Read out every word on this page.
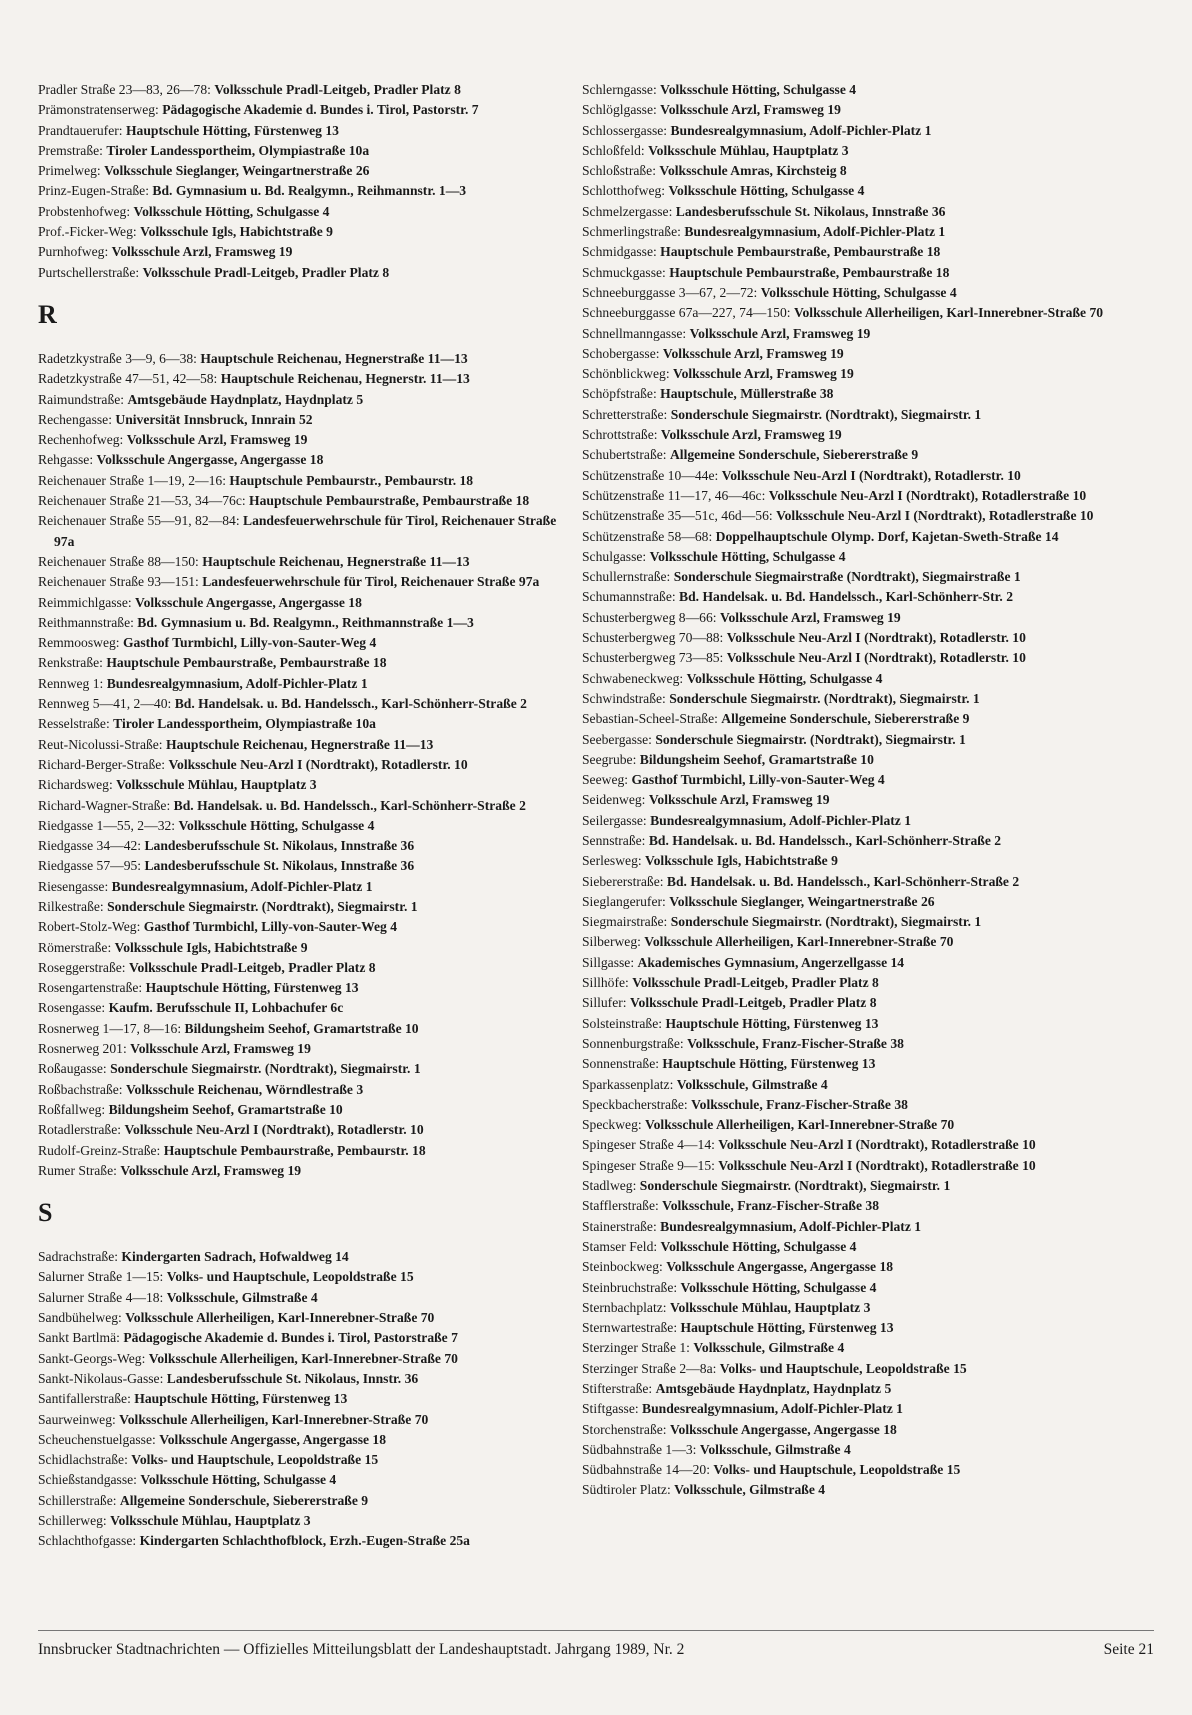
Pradler Straße 23—83, 26—78: Volksschule Pradl-Leitgeb, Pradler Platz 8
Prämonstratenserweg: Pädagogische Akademie d. Bundes i. Tirol, Pastorstr. 7
Prandtauerufer: Hauptschule Hötting, Fürstenweg 13
Premstraße: Tiroler Landessportheim, Olympiastraße 10a
Primelweg: Volksschule Sieglanger, Weingartnerstraße 26
Prinz-Eugen-Straße: Bd. Gymnasium u. Bd. Realgymn., Reihmannstr. 1—3
Probstenhofweg: Volksschule Hötting, Schulgasse 4
Prof.-Ficker-Weg: Volksschule Igls, Habichtstraße 9
Purnhofweg: Volksschule Arzl, Framsweg 19
Purtschellerstraße: Volksschule Pradl-Leitgeb, Pradler Platz 8
R
Radetzkystraße 3—9, 6—38: Hauptschule Reichenau, Hegnerstraße 11—13
Radetzkystraße 47—51, 42—58: Hauptschule Reichenau, Hegnerstr. 11—13
Raimundstraße: Amtsgebäude Haydnplatz, Haydnplatz 5
Rechengasse: Universität Innsbruck, Innrain 52
Rechenhofweg: Volksschule Arzl, Framsweg 19
Rehgasse: Volksschule Angergasse, Angergasse 18
Reichenauer Straße 1—19, 2—16: Hauptschule Pembaurstr., Pembaurstr. 18
Reichenauer Straße 21—53, 34—76c: Hauptschule Pembaurstraße, Pembaurstraße 18
Reichenauer Straße 55—91, 82—84: Landesfeuerwehrschule für Tirol, Reichenauer Straße 97a
Reichenauer Straße 88—150: Hauptschule Reichenau, Hegnerstraße 11—13
Reichenauer Straße 93—151: Landesfeuerwehrschule für Tirol, Reichenauer Straße 97a
Reimmichlgasse: Volksschule Angergasse, Angergasse 18
Reithmannstraße: Bd. Gymnasium u. Bd. Realgymn., Reithmannstraße 1—3
Remmoosweg: Gasthof Turmbichl, Lilly-von-Sauter-Weg 4
Renkstraße: Hauptschule Pembaurstraße, Pembaurstraße 18
Rennweg 1: Bundesrealgymnasium, Adolf-Pichler-Platz 1
Rennweg 5—41, 2—40: Bd. Handelsak. u. Bd. Handelssch., Karl-Schönherr-Straße 2
Resselstraße: Tiroler Landessportheim, Olympiastraße 10a
Reut-Nicolussi-Straße: Hauptschule Reichenau, Hegnerstraße 11—13
Richard-Berger-Straße: Volksschule Neu-Arzl I (Nordtrakt), Rotadlerstr. 10
Richardsweg: Volksschule Mühlau, Hauptplatz 3
Richard-Wagner-Straße: Bd. Handelsak. u. Bd. Handelssch., Karl-Schönherr-Straße 2
Riedgasse 1—55, 2—32: Volksschule Hötting, Schulgasse 4
Riedgasse 34—42: Landesberufsschule St. Nikolaus, Innstraße 36
Riedgasse 57—95: Landesberufsschule St. Nikolaus, Innstraße 36
Riesengasse: Bundesrealgymnasium, Adolf-Pichler-Platz 1
Rilkestraße: Sonderschule Siegmairstr. (Nordtrakt), Siegmairstr. 1
Robert-Stolz-Weg: Gasthof Turmbichl, Lilly-von-Sauter-Weg 4
Römerstraße: Volksschule Igls, Habichtstraße 9
Roseggerstraße: Volksschule Pradl-Leitgeb, Pradler Platz 8
Rosengartenstraße: Hauptschule Hötting, Fürstenweg 13
Rosengasse: Kaufm. Berufsschule II, Lohbachufer 6c
Rosnerweg 1—17, 8—16: Bildungsheim Seehof, Gramartstraße 10
Rosnerweg 201: Volksschule Arzl, Framsweg 19
Roßaugasse: Sonderschule Siegmairstr. (Nordtrakt), Siegmairstr. 1
Roßbachstraße: Volksschule Reichenau, Wörndlestraße 3
Roßfallweg: Bildungsheim Seehof, Gramartstraße 10
Rotadlerstraße: Volksschule Neu-Arzl I (Nordtrakt), Rotadlerstr. 10
Rudolf-Greinz-Straße: Hauptschule Pembaurstraße, Pembaurstr. 18
Rumer Straße: Volksschule Arzl, Framsweg 19
S
Sadrachstraße: Kindergarten Sadrach, Hofwaldweg 14
Salurner Straße 1—15: Volks- und Hauptschule, Leopoldstraße 15
Salurner Straße 4—18: Volksschule, Gilmstraße 4
Sandbühelweg: Volksschule Allerheiligen, Karl-Innerebner-Straße 70
Sankt Bartlmä: Pädagogische Akademie d. Bundes i. Tirol, Pastorstraße 7
Sankt-Georgs-Weg: Volksschule Allerheiligen, Karl-Innerebner-Straße 70
Sankt-Nikolaus-Gasse: Landesberufsschule St. Nikolaus, Innstr. 36
Santifallerstraße: Hauptschule Hötting, Fürstenweg 13
Saurweinweg: Volksschule Allerheiligen, Karl-Innerebner-Straße 70
Scheuchenstuelgasse: Volksschule Angergasse, Angergasse 18
Schidlachstraße: Volks- und Hauptschule, Leopoldstraße 15
Schießstandgasse: Volksschule Hötting, Schulgasse 4
Schillerstraße: Allgemeine Sonderschule, Siebererstraße 9
Schillerweg: Volksschule Mühlau, Hauptplatz 3
Schlachthofgasse: Kindergarten Schlachthofblock, Erzh.-Eugen-Straße 25a
Schlerngasse: Volksschule Hötting, Schulgasse 4
Schlöglgasse: Volksschule Arzl, Framsweg 19
Schlossergasse: Bundesrealgymnasium, Adolf-Pichler-Platz 1
Schloßfeld: Volksschule Mühlau, Hauptplatz 3
Schloßstraße: Volksschule Amras, Kirchsteig 8
Schlotthofweg: Volksschule Hötting, Schulgasse 4
Schmelzergasse: Landesberufsschule St. Nikolaus, Innstraße 36
Schmerlingstraße: Bundesrealgymnasium, Adolf-Pichler-Platz 1
Schmidgasse: Hauptschule Pembaurstraße, Pembaurstraße 18
Schmuckgasse: Hauptschule Pembaurstraße, Pembaurstraße 18
Schneeburggasse 3—67, 2—72: Volksschule Hötting, Schulgasse 4
Schneeburggasse 67a—227, 74—150: Volksschule Allerheiligen, Karl-Innerebner-Straße 70
Schnellmanngasse: Volksschule Arzl, Framsweg 19
Schobergasse: Volksschule Arzl, Framsweg 19
Schönblickweg: Volksschule Arzl, Framsweg 19
Schöpfstraße: Hauptschule, Müllerstraße 38
Schretterstraße: Sonderschule Siegmairstr. (Nordtrakt), Siegmairstr. 1
Schrottstraße: Volksschule Arzl, Framsweg 19
Schubertstraße: Allgemeine Sonderschule, Siebererstraße 9
Schützenstraße 10—44e: Volksschule Neu-Arzl I (Nordtrakt), Rotadlerstr. 10
Schützenstraße 11—17, 46—46c: Volksschule Neu-Arzl I (Nordtrakt), Rotadlerstraße 10
Schützenstraße 35—51c, 46d—56: Volksschule Neu-Arzl I (Nordtrakt), Rotadlerstraße 10
Schützenstraße 58—68: Doppelhauptschule Olymp. Dorf, Kajetan-Sweth-Straße 14
Schulgasse: Volksschule Hötting, Schulgasse 4
Schullernstraße: Sonderschule Siegmairstraße (Nordtrakt), Siegmairstraße 1
Schumannstraße: Bd. Handelsak. u. Bd. Handelssch., Karl-Schönherr-Str. 2
Schusterbergweg 8—66: Volksschule Arzl, Framsweg 19
Schusterbergweg 70—88: Volksschule Neu-Arzl I (Nordtrakt), Rotadlerstr. 10
Schusterbergweg 73—85: Volksschule Neu-Arzl I (Nordtrakt), Rotadlerstr. 10
Schwabeneckweg: Volksschule Hötting, Schulgasse 4
Schwindstraße: Sonderschule Siegmairstr. (Nordtrakt), Siegmairstr. 1
Sebastian-Scheel-Straße: Allgemeine Sonderschule, Siebererstraße 9
Seebergasse: Sonderschule Siegmairstr. (Nordtrakt), Siegmairstr. 1
Seegrube: Bildungsheim Seehof, Gramartstraße 10
Seeweg: Gasthof Turmbichl, Lilly-von-Sauter-Weg 4
Seidenweg: Volksschule Arzl, Framsweg 19
Seilergasse: Bundesrealgymnasium, Adolf-Pichler-Platz 1
Sennstraße: Bd. Handelsak. u. Bd. Handelssch., Karl-Schönherr-Straße 2
Serlesweg: Volksschule Igls, Habichtstraße 9
Siebererstraße: Bd. Handelsak. u. Bd. Handelssch., Karl-Schönherr-Straße 2
Sieglangerufer: Volksschule Sieglanger, Weingartnerstraße 26
Siegmairstraße: Sonderschule Siegmairstr. (Nordtrakt), Siegmairstr. 1
Silberweg: Volksschule Allerheiligen, Karl-Innerebner-Straße 70
Sillgasse: Akademisches Gymnasium, Angerzellgasse 14
Sillhöfe: Volksschule Pradl-Leitgeb, Pradler Platz 8
Sillufer: Volksschule Pradl-Leitgeb, Pradler Platz 8
Solsteinstraße: Hauptschule Hötting, Fürstenweg 13
Sonnenburgstraße: Volksschule, Franz-Fischer-Straße 38
Sonnenstraße: Hauptschule Hötting, Fürstenweg 13
Sparkassenplatz: Volksschule, Gilmstraße 4
Speckbacherstraße: Volksschule, Franz-Fischer-Straße 38
Speckweg: Volksschule Allerheiligen, Karl-Innerebner-Straße 70
Spingeser Straße 4—14: Volksschule Neu-Arzl I (Nordtrakt), Rotadlerstraße 10
Spingeser Straße 9—15: Volksschule Neu-Arzl I (Nordtrakt), Rotadlerstraße 10
Stadlweg: Sonderschule Siegmairstr. (Nordtrakt), Siegmairstr. 1
Stafflerstraße: Volksschule, Franz-Fischer-Straße 38
Stainerstraße: Bundesrealgymnasium, Adolf-Pichler-Platz 1
Stamser Feld: Volksschule Hötting, Schulgasse 4
Steinbockweg: Volksschule Angergasse, Angergasse 18
Steinbruchstraße: Volksschule Hötting, Schulgasse 4
Sternbachplatz: Volksschule Mühlau, Hauptplatz 3
Sternwartestraße: Hauptschule Hötting, Fürstenweg 13
Sterzinger Straße 1: Volksschule, Gilmstraße 4
Sterzinger Straße 2—8a: Volks- und Hauptschule, Leopoldstraße 15
Stifterstraße: Amtsgebäude Haydnplatz, Haydnplatz 5
Stiftgasse: Bundesrealgymnasium, Adolf-Pichler-Platz 1
Storchenstraße: Volksschule Angergasse, Angergasse 18
Südbahnstraße 1—3: Volksschule, Gilmstraße 4
Südbahnstraße 14—20: Volks- und Hauptschule, Leopoldstraße 15
Südtiroler Platz: Volksschule, Gilmstraße 4
Innsbrucker Stadtnachrichten — Offizielles Mitteilungsblatt der Landeshauptstadt. Jahrgang 1989, Nr. 2	Seite 21
